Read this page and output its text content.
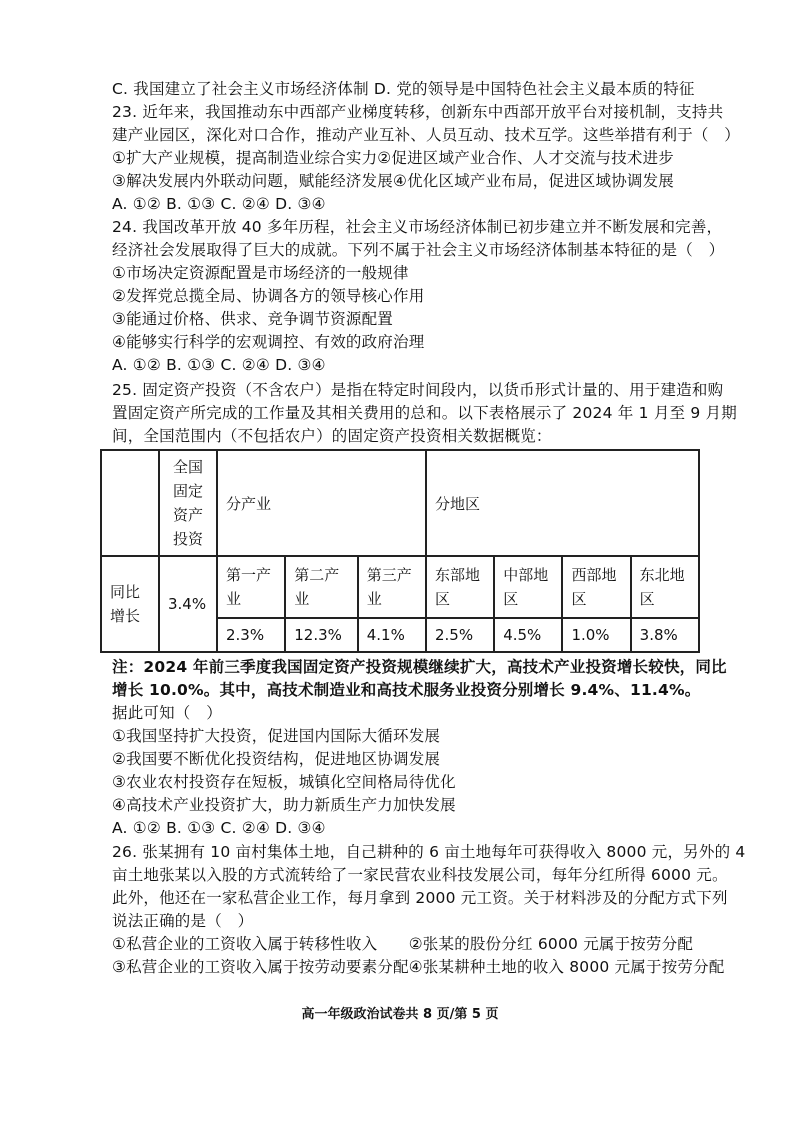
C. 我国建立了社会主义市场经济体制 D. 党的领导是中国特色社会主义最本质的特征
23. 近年来，我国推动东中西部产业梯度转移，创新东中西部开放平台对接机制，支持共
建产业园区，深化对口合作，推动产业互补、人员互动、技术互学。这些举措有利于（　）
①扩大产业规模，提高制造业综合实力②促进区域产业合作、人才交流与技术进步
③解决发展内外联动问题，赋能经济发展④优化区域产业布局，促进区域协调发展
A. ①② B. ①③ C. ②④ D. ③④
24. 我国改革开放 40 多年历程，社会主义市场经济体制已初步建立并不断发展和完善，
经济社会发展取得了巨大的成就。下列不属于社会主义市场经济体制基本特征的是（　）
①市场决定资源配置是市场经济的一般规律
②发挥党总揽全局、协调各方的领导核心作用
③能通过价格、供求、竞争调节资源配置
④能够实行科学的宏观调控、有效的政府治理
A. ①② B. ①③ C. ②④ D. ③④
25. 固定资产投资（不含农户）是指在特定时间段内，以货币形式计量的、用于建造和购
置固定资产所完成的工作量及其相关费用的总和。以下表格展示了 2024 年 1 月至 9 月期
间，全国范围内（不包括农户）的固定资产投资相关数据概览：
	全国固定资产投资	分产业			分地区			
同比增长	3.4%	第一产业	第二产业	第三产业	东部地区	中部地区	西部地区	东北地区
		2.3%	12.3%	4.1%	2.5%	4.5%	1.0%	3.8%
注：2024 年前三季度我国固定资产投资规模继续扩大，高技术产业投资增长较快，同比
增长 10.0%。其中，高技术制造业和高技术服务业投资分别增长 9.4%、11.4%。
据此可知（　）
①我国坚持扩大投资，促进国内国际大循环发展
②我国要不断优化投资结构，促进地区协调发展
③农业农村投资存在短板，城镇化空间格局待优化
④高技术产业投资扩大，助力新质生产力加快发展
A. ①② B. ①③ C. ②④ D. ③④
26. 张某拥有 10 亩村集体土地，自己耕种的 6 亩土地每年可获得收入 8000 元，另外的 4
亩土地张某以入股的方式流转给了一家民营农业科技发展公司，每年分红所得 6000 元。
此外，他还在一家私营企业工作，每月拿到 2000 元工资。关于材料涉及的分配方式下列
说法正确的是（　）
①私营企业的工资收入属于转移性收入　　②张某的股份分红 6000 元属于按劳分配
③私营企业的工资收入属于按劳动要素分配④张某耕种土地的收入 8000 元属于按劳分配
高一年级政治试卷共 8 页/第 5 页
